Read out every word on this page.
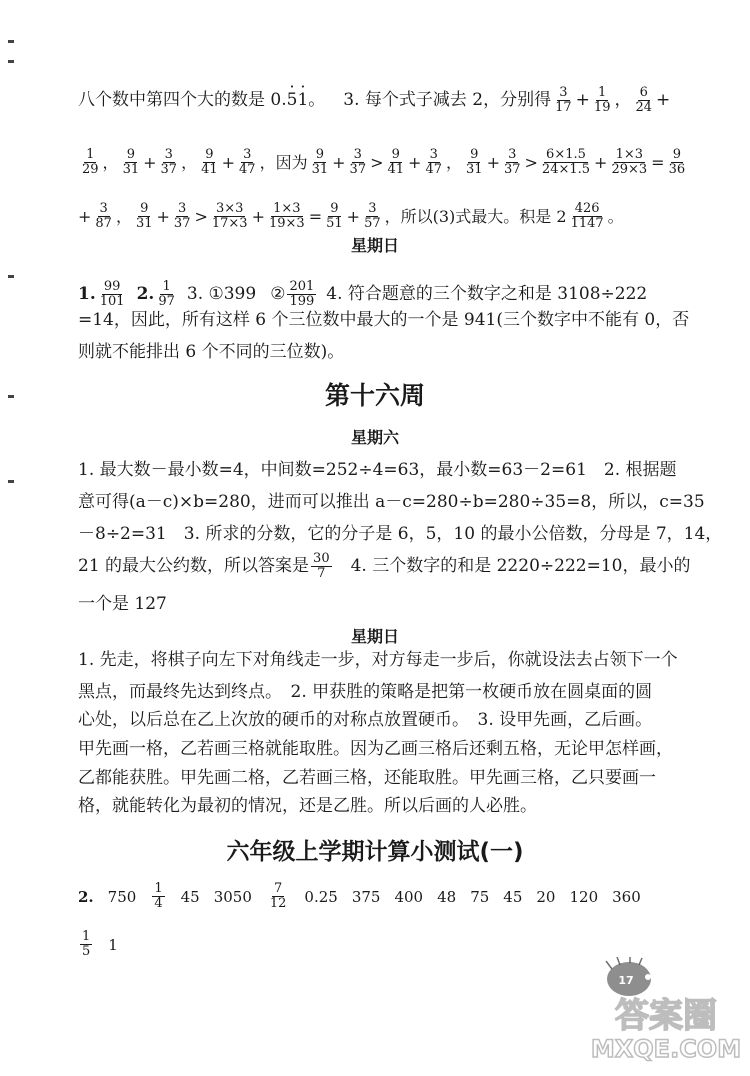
八个数中第四个大的数是 0. · 5 · 1 。 3. 每个式子减去 2，分别得 $\frac{3}{17} + \frac{1}{19}$ ， $\frac{6}{24}$ +
$\frac{1}{29}$ ， $\frac{9}{31} + \frac{3}{37}$ ， $\frac{9}{41} + \frac{3}{47}$ ，因为 $\frac{9}{31} + \frac{3}{37} > \frac{9}{41} + \frac{3}{47}$ ， $\frac{9}{31} + \frac{3}{37} > \frac{6\times 1.5}{24\times 1.5} + \frac{1\times 3}{29\times 3} = \frac{9}{36}$
+ $\frac{3}{87}$ ， $\frac{9}{31} + \frac{3}{37} > \frac{3\times 3}{17\times 3} + \frac{1\times 3}{19\times 3} = \frac{9}{51} + \frac{3}{57}$ ，所以(3)式最大。积是 $2 \frac{426}{1147}$ 。
星期日
1. $\frac{99}{101} 2$. $\frac{1}{97} 3$. ①399 ② $\frac{201}{199} 4$. 符合题意的三个数字之和是 3108÷222
=14，因此，所有这样 6 个三位数中最大的一个是 941(三个数字中不能有 0，否
则就不能排出 6 个不同的三位数)。
第十六周
星期六
1. 最大数－最小数=4，中间数=252÷4=63，最小数=63－2=61　2. 根据题
意可得(a－c)×b=280，进而可以推出 a－c=280÷b=280÷35=8，所以，c=35
－8÷2=31　3. 所求的分数，它的分子是 6，5，10 的最小公倍数，分母是 7，14，
21 的最大公约数，所以答案是 $\frac{30}{7}$ 　4. 三个数字的和是 2220÷222=10，最小的
一个是 127
星期日
1. 先走，将棋子向左下对角线走一步，对方每走一步后，你就设法去占领下一个
黑点，而最终先达到终点。　2. 甲获胜的策略是把第一枚硬币放在圆桌面的圆
心处，以后总在乙上次放的硬币的对称点放置硬币。　3. 设甲先画，乙后画。
甲先画一格，乙若画三格就能取胜。因为乙画三格后还剩五格，无论甲怎样画，
乙都能获胜。甲先画二格，乙若画三格，还能取胜。甲先画三格，乙只要画一
格，就能转化为最初的情况，还是乙胜。所以后画的人必胜。
六年级上学期计算小测试(一)
2. $750 \frac{1}{4} 45$ $3050 \frac{7}{12} 0.25$ 375 400 48 75 45 20 120 360
$\frac{1}{5} 1$
17
答案圈
MXQE.COM
